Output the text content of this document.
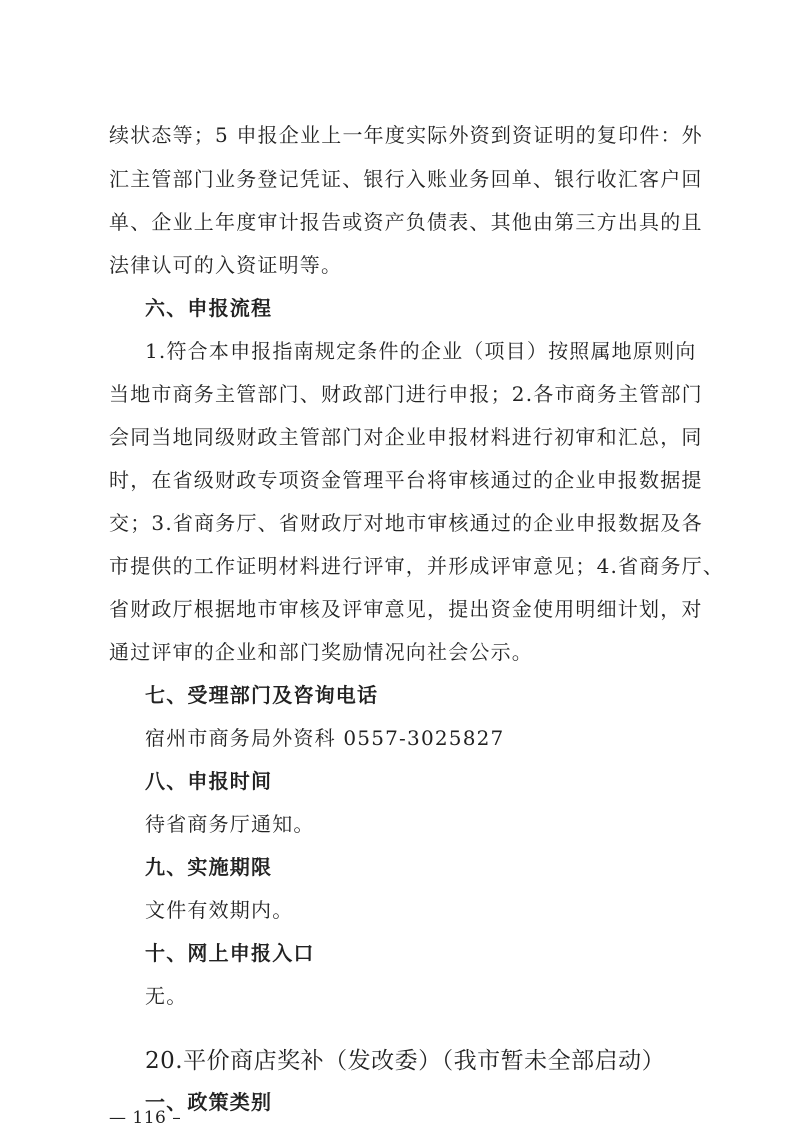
续状态等；5 申报企业上一年度实际外资到资证明的复印件：外
汇主管部门业务登记凭证、银行入账业务回单、银行收汇客户回
单、企业上年度审计报告或资产负债表、其他由第三方出具的且
法律认可的入资证明等。
六、申报流程
1.符合本申报指南规定条件的企业（项目）按照属地原则向
当地市商务主管部门、财政部门进行申报；2.各市商务主管部门
会同当地同级财政主管部门对企业申报材料进行初审和汇总，同
时，在省级财政专项资金管理平台将审核通过的企业申报数据提
交；3.省商务厅、省财政厅对地市审核通过的企业申报数据及各
市提供的工作证明材料进行评审，并形成评审意见；4.省商务厅、
省财政厅根据地市审核及评审意见，提出资金使用明细计划，对
通过评审的企业和部门奖励情况向社会公示。
七、受理部门及咨询电话
宿州市商务局外资科 0557-3025827
八、申报时间
待省商务厅通知。
九、实施期限
文件有效期内。
十、网上申报入口
无。
20.平价商店奖补（发改委）（我市暂未全部启动）
一、政策类别
— 116 –
